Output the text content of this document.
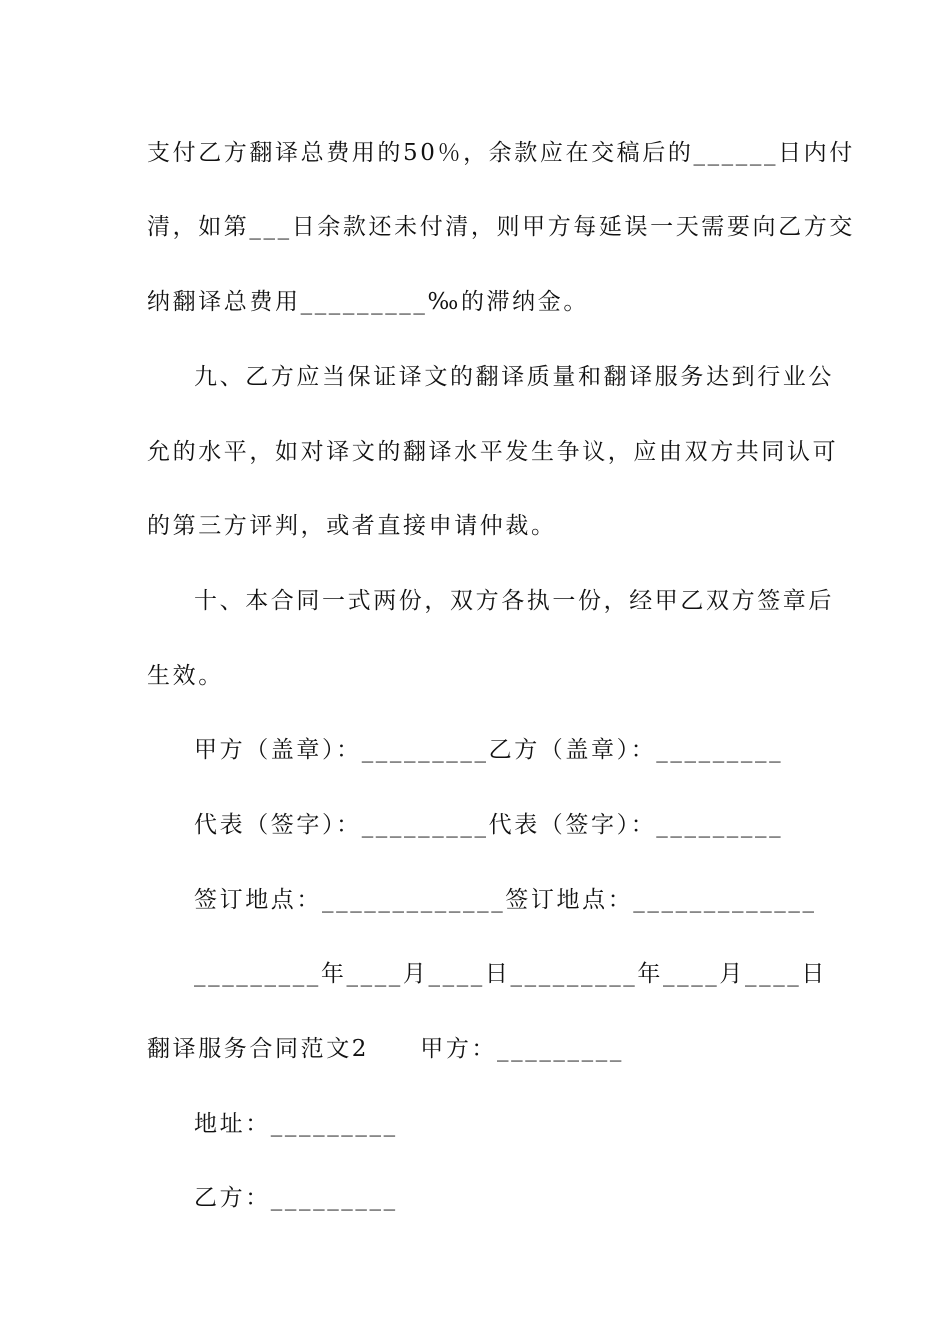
支付乙方翻译总费用的50％，余款应在交稿后的______日内付
清，如第___日余款还未付清，则甲方每延误一天需要向乙方交
纳翻译总费用_________‰的滞纳金。
九、乙方应当保证译文的翻译质量和翻译服务达到行业公
允的水平，如对译文的翻译水平发生争议，应由双方共同认可
的第三方评判，或者直接申请仲裁。
十、本合同一式两份，双方各执一份，经甲乙双方签章后
生效。
甲方（盖章）：_________乙方（盖章）：_________
代表（签字）：_________代表（签字）：_________
签订地点：_____________签订地点：_____________
_________年____月____日_________年____月____日
翻译服务合同范文2　　甲方：_________
地址：_________
乙方：_________
